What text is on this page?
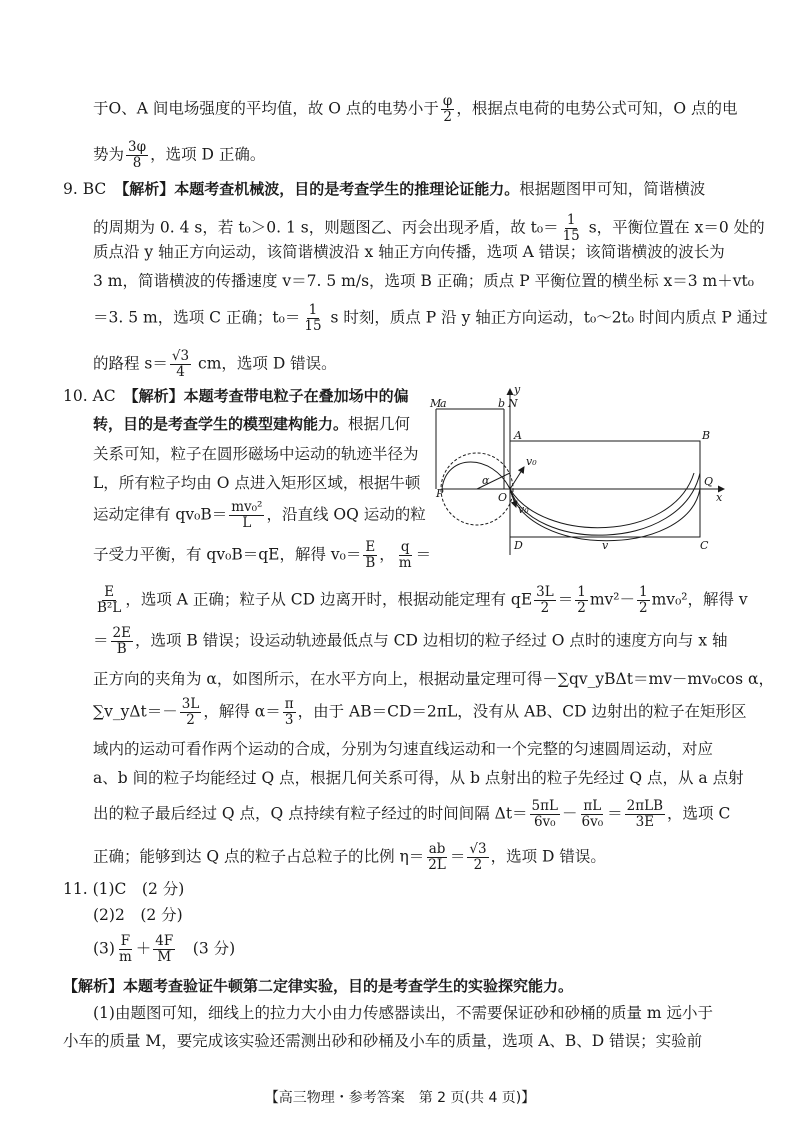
于O、A 间电场强度的平均值，故 O 点的电势小于 $\frac{\varphi}{2}$ ，根据点电荷的电势公式可知，O 点的电
势为 $\frac{3\varphi}{8}$ ，选项 D 正确。
9. BC　 【解析】本题考查机械波，目的是考查学生的推理论证能力。根据题图甲可知，简谐横波
的周期为 0. 4 s，若 t₀＞0. 1 s，则题图乙、丙会出现矛盾，故 $t_0= \frac{1}{15}$ s，平衡位置在 x＝0 处的
质点沿 y 轴正方向运动，该简谐横波沿 x 轴正方向传播，选项 A 错误；该简谐横波的波长为
3 m，简谐横波的传播速度 v＝7. 5 m/s，选项 B 正确；质点 P 平衡位置的横坐标 x＝3 m＋vt₀
＝3. 5 m，选项 C 正确；$t_0= \frac{1}{15}$ s 时刻，质点 P 沿 y 轴正方向运动，t₀～2t₀ 时间内质点 P 通过
的路程 $s= \frac{√3}{4}$ cm，选项 D 错误。
10. AC　 【解析】本题考查带电粒子在叠加场中的偏
转，目的是考查学生的模型建构能力。根据几何
关系可知，粒子在圆形磁场中运动的轨迹半径为
L，所有粒子均由 O 点进入矩形区域，根据牛顿
运动定律有 $qv_0B= \frac{\text{mv₀²}}{L}$ ，沿直线 OQ 运动的粒
子受力平衡，有 qv₀B＝qE，解得 $v_0= \frac{E}{B}$ ， $\frac{q}{m}$ ＝
$\frac{E}{\text{B²L}}$ ，选项 A 正确；粒子从 CD 边离开时，根据动能定理有 qE $\frac{3L}{2} = \frac{1}{2} mv^2- \frac{1}{2} mv_0^2$，解得 v
＝ $\frac{2E}{B}$ ，选项 B 错误；设运动轨迹最低点与 CD 边相切的粒子经过 O 点时的速度方向与 x 轴
正方向的夹角为 α，如图所示，在水平方向上，根据动量定理可得－∑qv_yBΔt＝mv－mv₀cos α，
∑v_yΔt＝－ $\frac{3L}{2}$ ，解得 $\alpha= \frac{\pi}{3}$ ，由于 AB＝CD＝2πL，没有从 AB、CD 边射出的粒子在矩形区
域内的运动可看作两个运动的合成，分别为匀速直线运动和一个完整的匀速圆周运动，对应
a、b 间的粒子均能经过 Q 点，根据几何关系可得，从 b 点射出的粒子先经过 Q 点，从 a 点射
出的粒子最后经过 Q 点，Q 点持续有粒子经过的时间间隔 $\Delta t= \frac{5\pi L}{\text{6v₀}} - \frac{\pi L}{\text{6v₀}} = \frac{\text{2πLB}}{3E}$ ，选项 C
正确；能够到达 Q 点的粒子占总粒子的比例 $\eta= \frac{ab}{2L} = \frac{√3}{2}$ ，选项 D 错误。
11. (1)C　(2 分)
(2)2　(2 分)
$(3) \frac{F}{m} + \frac{4F}{M}$ 　(3 分)
【解析】本题考查验证牛顿第二定律实验，目的是考查学生的实验探究能力。
(1)由题图可知，细线上的拉力大小由力传感器读出，不需要保证砂和砂桶的质量 m 远小于
小车的质量 M，要完成该实验还需测出砂和砂桶及小车的质量，选项 A、B、D 错误；实验前
y
M
a	b N
A	B
P
α
O
v₀
v₀
Q
x
D	v	C
【高三物理・参考答案　第 2 页(共 4 页)】
